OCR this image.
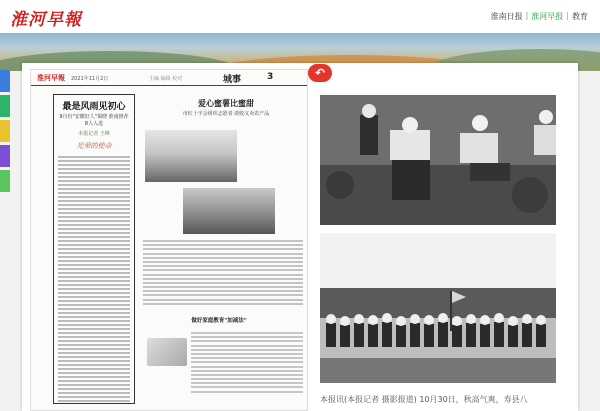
淮河早報	淮南日报 | 淮河早报 | 教育
淮河早報 2021年11月2日	主编 编辑 校对	城事	3
最是风雨见初心
9月份"安徽好人"揭晓 淮南推荐8人入选
本报记者 王峰
光荣的使命
爱心蜜薯比蜜甜
市红十字会组织志愿者 助收义卖农产品
做好家庭教育"加减法"
↶
本报讯(本报记者 摄影报道) 10月30日，秋高气爽，寿县八
